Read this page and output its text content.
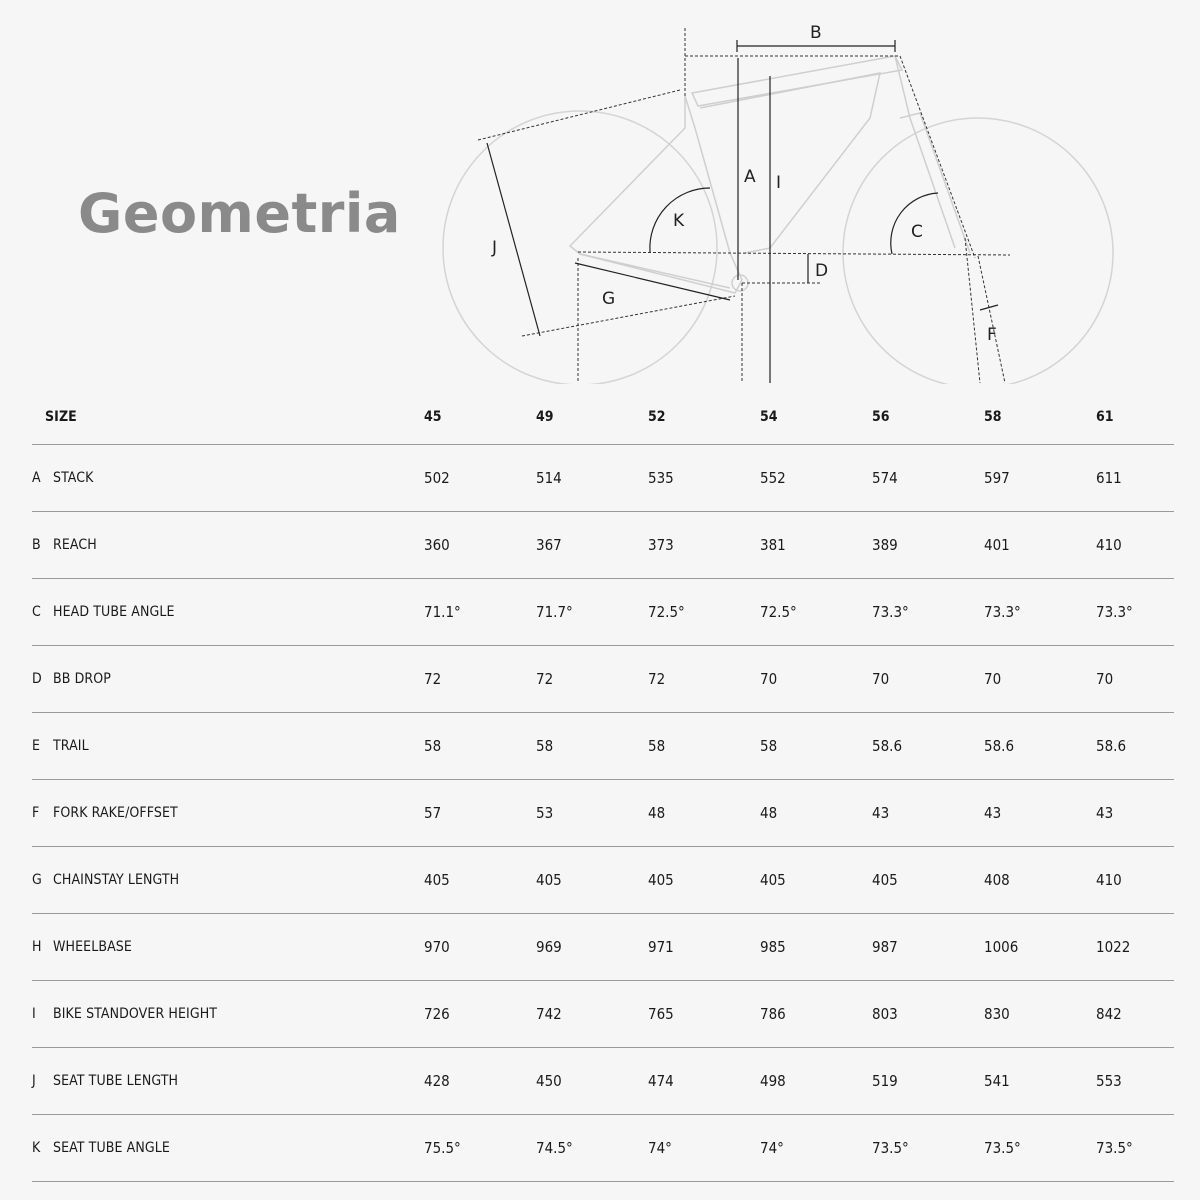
Geometria
A
B
C
D
F
G
I
J
K
SIZE	45	49	52	54	56	58	61
A STACK	502	514	535	552	574	597	611
B REACH	360	367	373	381	389	401	410
C HEAD TUBE ANGLE	71.1°	71.7°	72.5°	72.5°	73.3°	73.3°	73.3°
D BB DROP	72	72	72	70	70	70	70
E TRAIL	58	58	58	58	58.6	58.6	58.6
F FORK RAKE/OFFSET	57	53	48	48	43	43	43
G CHAINSTAY LENGTH	405	405	405	405	405	408	410
H WHEELBASE	970	969	971	985	987	1006	1022
I	BIKE STANDOVER HEIGHT	726	742	765	786	803	830	842
J	SEAT TUBE LENGTH	428	450	474	498	519	541	553
K SEAT TUBE ANGLE	75.5°	74.5°	74°	74°	73.5°	73.5°	73.5°
